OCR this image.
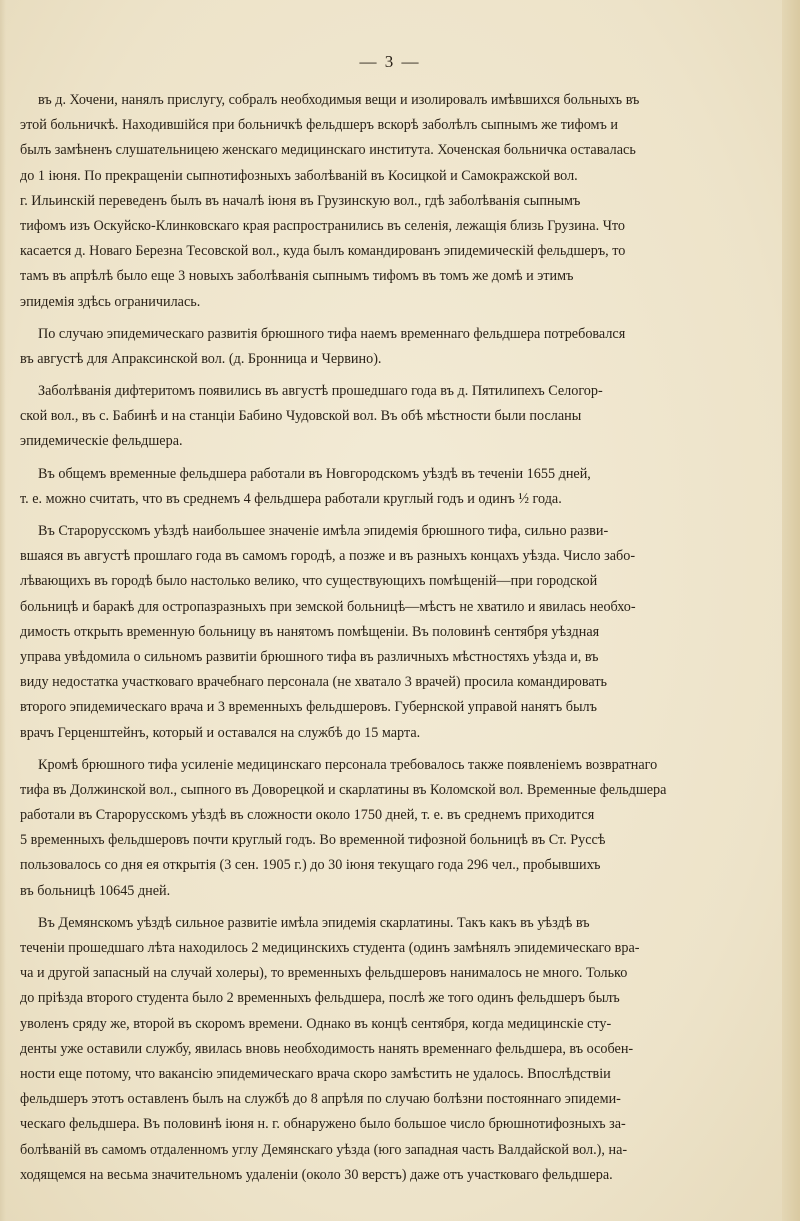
— 3 —
въ д. Хочени, нанялъ прислугу, собралъ необходимыя вещи и изолировалъ имѣвшихся больныхъ въ
этой больничкѣ. Находившійся при больничкѣ фельдшеръ вскорѣ заболѣлъ сыпнымъ же тифомъ и
былъ замѣненъ слушательницею женскаго медицинскаго института. Хоченская больничка оставалась
до 1 іюня. По прекращеніи сыпнотифозныхъ заболѣваній въ Косицкой и Самокражской вол.
г. Ильинскій переведенъ былъ въ началѣ іюня въ Грузинскую вол., гдѣ заболѣванія сыпнымъ
тифомъ изъ Оскуйско-Клинковскаго края распространились въ селенія, лежащія близь Грузина. Что
касается д. Новаго Березна Тесовской вол., куда былъ командированъ эпидемическій фельдшеръ, то
тамъ въ апрѣлѣ было еще 3 новыхъ заболѣванія сыпнымъ тифомъ въ томъ же домѣ и этимъ
эпидемія здѣсь ограничилась.
По случаю эпидемическаго развитія брюшного тифа наемъ временнаго фельдшера потребовался
въ августѣ для Апраксинской вол. (д. Бронница и Червино).
Заболѣванія дифтеритомъ появились въ августѣ прошедшаго года въ д. Пятилипехъ Селогор-
ской вол., въ с. Бабинѣ и на станціи Бабино Чудовской вол. Въ обѣ мѣстности были посланы
эпидемическіе фельдшера.
Въ общемъ временные фельдшера работали въ Новгородскомъ уѣздѣ въ теченіи 1655 дней,
т. е. можно считать, что въ среднемъ 4 фельдшера работали круглый годъ и одинъ ½ года.
Въ Старорусскомъ уѣздѣ наибольшее значеніе имѣла эпидемія брюшного тифа, сильно разви-
вшаяся въ августѣ прошлаго года въ самомъ городѣ, а позже и въ разныхъ концахъ уѣзда. Число забо-
лѣвающихъ въ городѣ было настолько велико, что существующихъ помѣщеній—при городской
больницѣ и баракѣ для остропазразныхъ при земской больницѣ—мѣстъ не хватило и явилась необхо-
димость открыть временную больницу въ нанятомъ помѣщеніи. Въ половинѣ сентября уѣздная
управа увѣдомила о сильномъ развитіи брюшного тифа въ различныхъ мѣстностяхъ уѣзда и, въ
виду недостатка участковаго врачебнаго персонала (не хватало 3 врачей) просила командировать
второго эпидемическаго врача и 3 временныхъ фельдшеровъ. Губернской управой нанятъ былъ
врачъ Герценштейнъ, который и оставался на службѣ до 15 марта.
Кромѣ брюшного тифа усиленіе медицинскаго персонала требовалось также появленіемъ возвратнаго
тифа въ Должинской вол., сыпного въ Доворецкой и скарлатины въ Коломской вол. Временные фельдшера
работали въ Старорусскомъ уѣздѣ въ сложности около 1750 дней, т. е. въ среднемъ приходится
5 временныхъ фельдшеровъ почти круглый годъ. Во временной тифозной больницѣ въ Ст. Руссѣ
пользовалось со дня ея открытія (3 сен. 1905 г.) до 30 іюня текущаго года 296 чел., пробывшихъ
въ больницѣ 10645 дней.
Въ Демянскомъ уѣздѣ сильное развитіе имѣла эпидемія скарлатины. Такъ какъ въ уѣздѣ въ
теченіи прошедшаго лѣта находилось 2 медицинскихъ студента (одинъ замѣнялъ эпидемическаго вра-
ча и другой запасный на случай холеры), то временныхъ фельдшеровъ нанималось не много. Только
до пріѣзда второго студента было 2 временныхъ фельдшера, послѣ же того одинъ фельдшеръ былъ
уволенъ сряду же, второй въ скоромъ времени. Однако въ концѣ сентября, когда медицинскіе сту-
денты уже оставили службу, явилась вновь необходимость нанять временнаго фельдшера, въ особен-
ности еще потому, что вакансію эпидемическаго врача скоро замѣстить не удалось. Впослѣдствіи
фельдшеръ этотъ оставленъ былъ на службѣ до 8 апрѣля по случаю болѣзни постояннаго эпидеми-
ческаго фельдшера. Въ половинѣ іюня н. г. обнаружено было большое число брюшнотифозныхъ за-
болѣваній въ самомъ отдаленномъ углу Демянскаго уѣзда (юго западная часть Валдайской вол.), на-
ходящемся на весьма значительномъ удаленіи (около 30 верстъ) даже отъ участковаго фельдшера.
